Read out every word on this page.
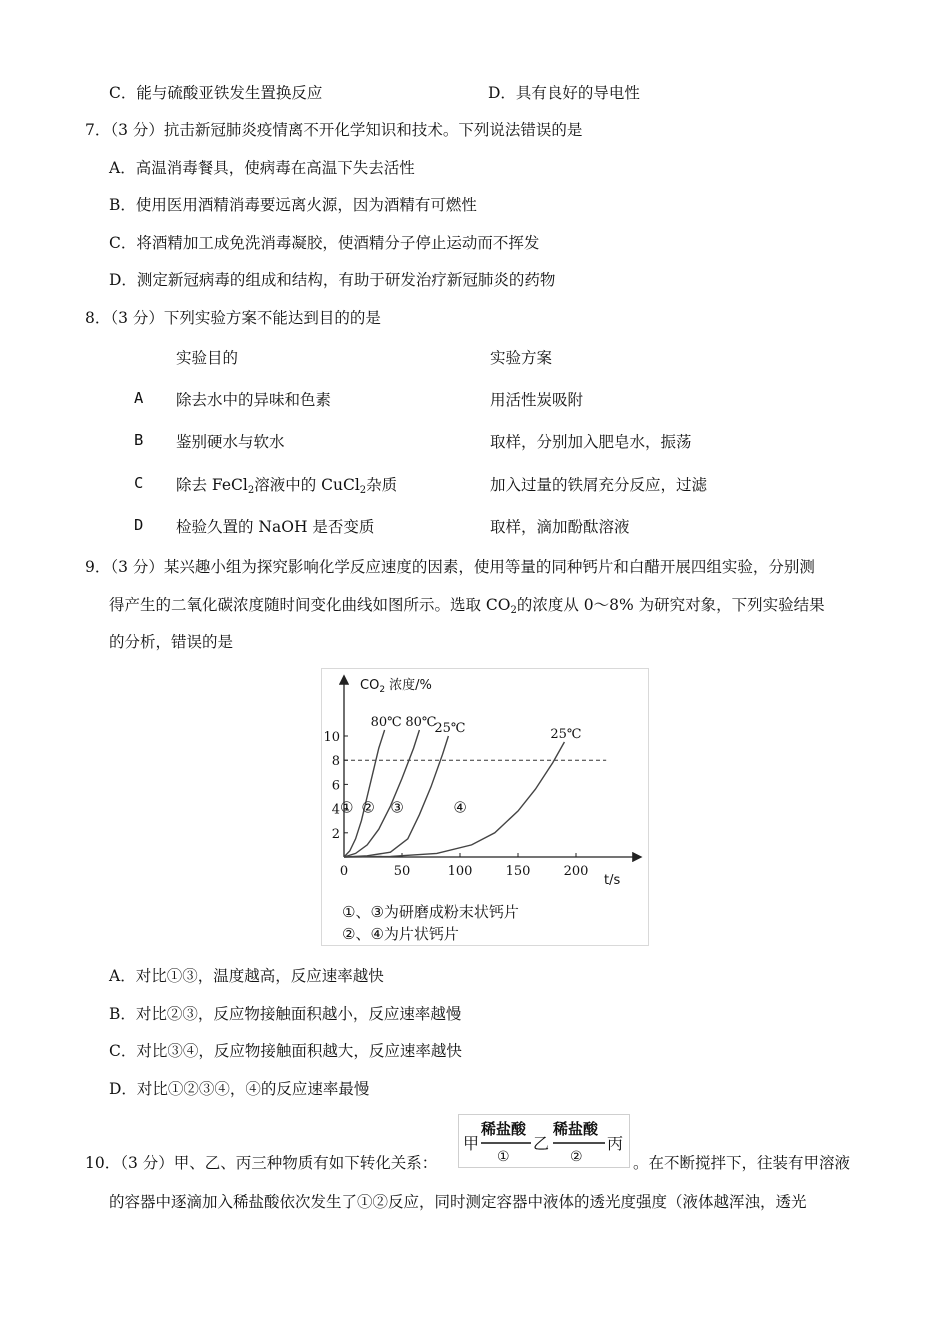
C．能与硫酸亚铁发生置换反应	D．具有良好的导电性
7．（3 分）抗击新冠肺炎疫情离不开化学知识和技术。下列说法错误的是
A．高温消毒餐具，使病毒在高温下失去活性
B．使用医用酒精消毒要远离火源，因为酒精有可燃性
C．将酒精加工成免洗消毒凝胶，使酒精分子停止运动而不挥发
D．测定新冠病毒的组成和结构，有助于研发治疗新冠肺炎的药物
8．（3 分）下列实验方案不能达到目的的是
实验目的	实验方案
A 除去水中的异味和色素	用活性炭吸附
B 鉴别硬水与软水	取样，分别加入肥皂水，振荡
C 除去 FeCl$_2$溶液中的 CuCl$_2$杂质	加入过量的铁屑充分反应，过滤
D 检验久置的 NaOH 是否变质	取样，滴加酚酞溶液
9．（3 分）某兴趣小组为探究影响化学反应速度的因素，使用等量的同种钙片和白醋开展四组实验，分别测
得产生的二氧化碳浓度随时间变化曲线如图所示。选取 $CO_2$的浓度从 0～8% 为研究对象，下列实验结果
的分析，错误的是
$CO_2$ 浓度/%
t/s
0	50	100	150	200
2
4
6
8
10
80℃
①
80℃
②
25℃
③
25℃
④
①、③为研磨成粉末状钙片
②、④为片状钙片
A．对比①③，温度越高，反应速率越快
B．对比②③，反应物接触面积越小，反应速率越慢
C．对比③④，反应物接触面积越大，反应速率越快
D．对比①②③④，④的反应速率最慢
10．（3 分）甲、乙、丙三种物质有如下转化关系：
甲
稀盐酸
①
乙
稀盐酸
②
丙
。在不断搅拌下，往装有甲溶液
的容器中逐滴加入稀盐酸依次发生了①②反应，同时测定容器中液体的透光度强度（液体越浑浊，透光
